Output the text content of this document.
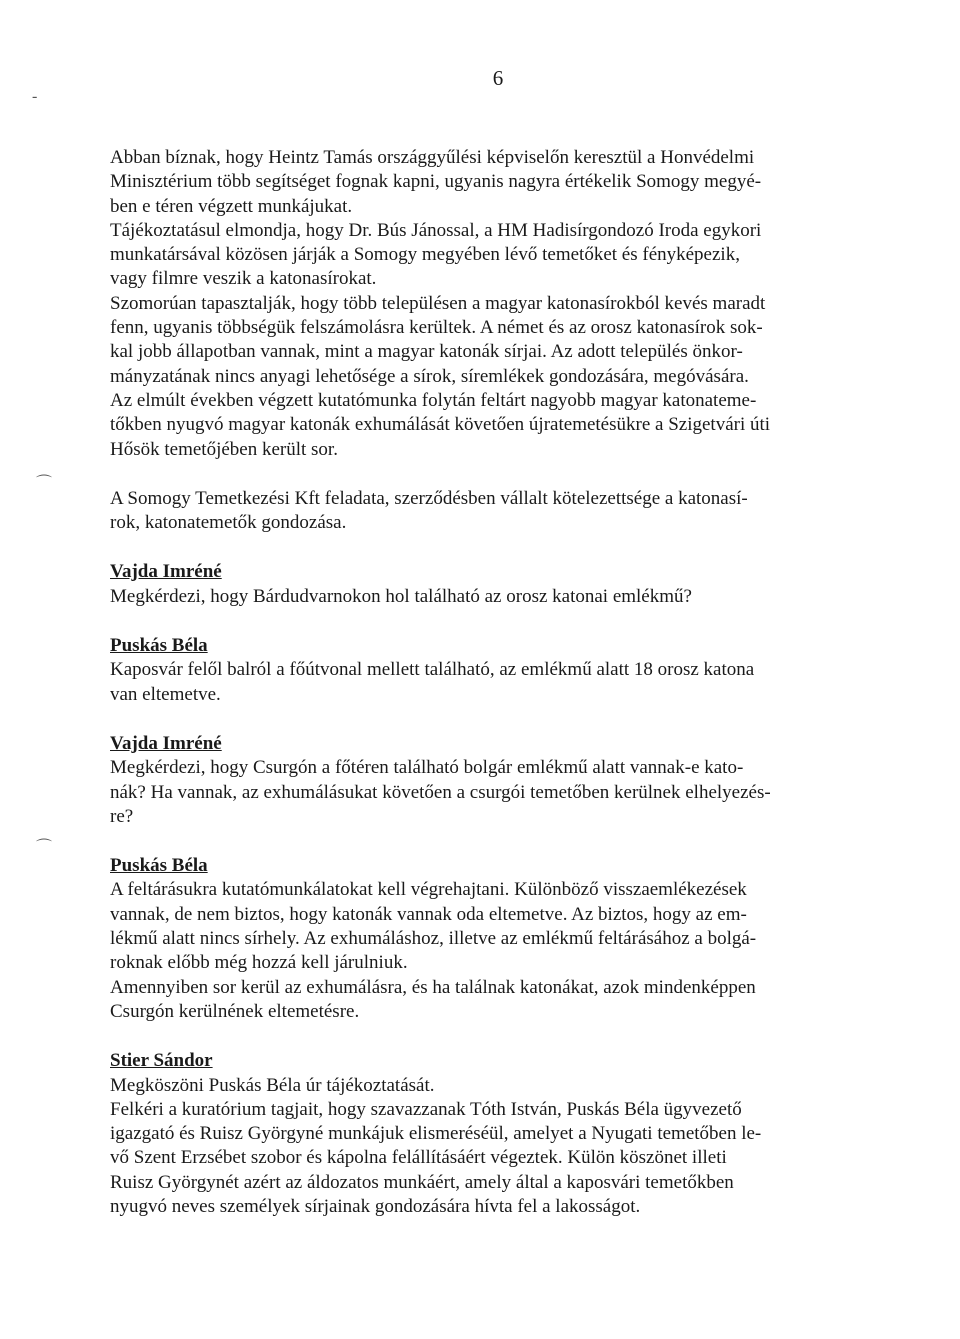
6
-
⌒
⌒
Abban bíznak, hogy Heintz Tamás országgyűlési képviselőn keresztül a Honvédelmi
Minisztérium több segítséget fognak kapni, ugyanis nagyra értékelik Somogy megyé-
ben e téren végzett munkájukat.
Tájékoztatásul elmondja, hogy Dr. Bús Jánossal, a HM Hadisírgondozó Iroda egykori
munkatársával közösen járják a Somogy megyében lévő temetőket és fényképezik,
vagy filmre veszik a katonasírokat.
Szomorúan tapasztalják, hogy több településen a magyar katonasírokból kevés maradt
fenn, ugyanis többségük felszámolásra kerültek. A német és az orosz katonasírok sok-
kal jobb állapotban vannak, mint a magyar katonák sírjai. Az adott település önkor-
mányzatának nincs anyagi lehetősége a sírok, síremlékek gondozására, megóvására.
Az elmúlt években végzett kutatómunka folytán feltárt nagyobb magyar katonateme-
tőkben nyugvó magyar katonák exhumálását követően újratemetésükre a Szigetvári úti
Hősök temetőjében került sor.
A Somogy Temetkezési Kft feladata, szerződésben vállalt kötelezettsége a katonasí-
rok, katonatemetők gondozása.
Vajda Imréné
Megkérdezi, hogy Bárdudvarnokon hol található az orosz katonai emlékmű?
Puskás Béla
Kaposvár felől balról a főútvonal mellett található, az emlékmű alatt 18 orosz katona
van eltemetve.
Vajda Imréné
Megkérdezi, hogy Csurgón a főtéren található bolgár emlékmű alatt vannak-e kato-
nák? Ha vannak, az exhumálásukat követően a csurgói temetőben kerülnek elhelyezés-
re?
Puskás Béla
A feltárásukra kutatómunkálatokat kell végrehajtani. Különböző visszaemlékezések
vannak, de nem biztos, hogy katonák vannak oda eltemetve. Az biztos, hogy az em-
lékmű alatt nincs sírhely. Az exhumáláshoz, illetve az emlékmű feltárásához a bolgá-
roknak előbb még hozzá kell járulniuk.
Amennyiben sor kerül az exhumálásra, és ha találnak katonákat, azok mindenképpen
Csurgón kerülnének eltemetésre.
Stier Sándor
Megköszöni Puskás Béla úr tájékoztatását.
Felkéri a kuratórium tagjait, hogy szavazzanak Tóth István, Puskás Béla ügyvezető
igazgató és Ruisz Györgyné munkájuk elismeréséül, amelyet a Nyugati temetőben le-
vő Szent Erzsébet szobor és kápolna felállításáért végeztek. Külön köszönet illeti
Ruisz Györgynét azért az áldozatos munkáért, amely által a kaposvári temetőkben
nyugvó neves személyek sírjainak gondozására hívta fel a lakosságot.
